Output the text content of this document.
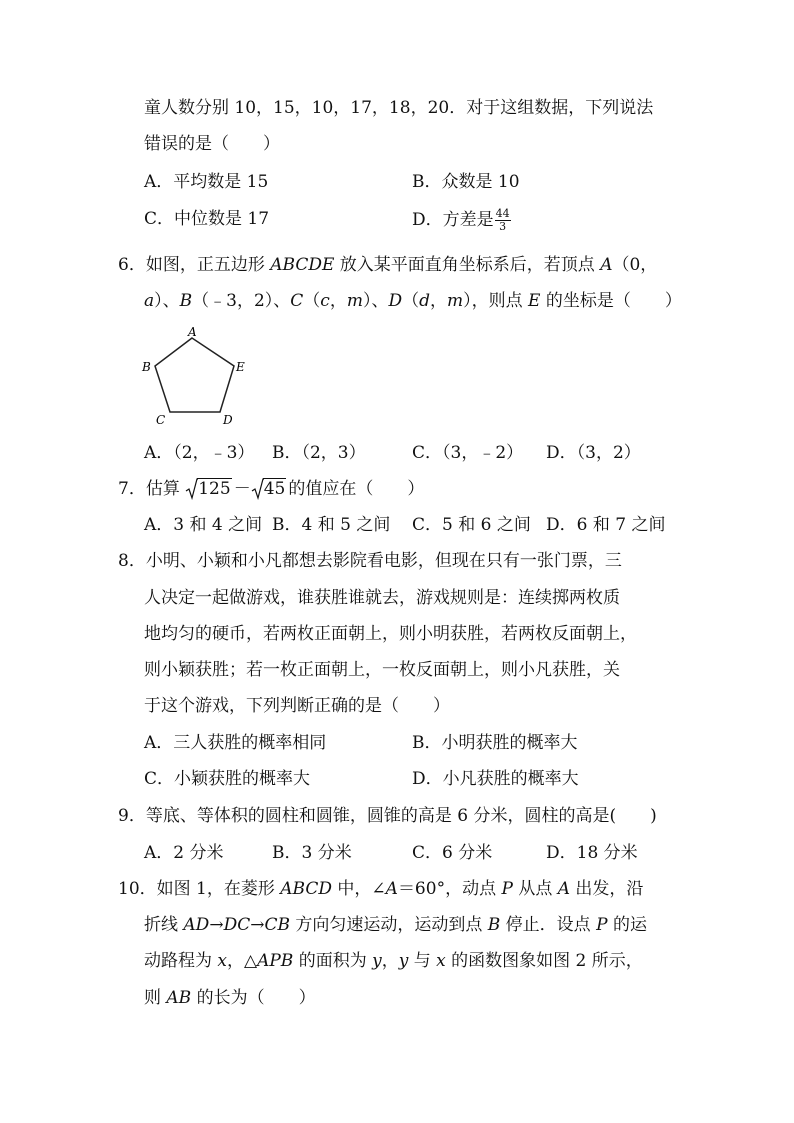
童人数分别 10，15，10，17，18，20．对于这组数据，下列说法
错误的是（　　）
A．平均数是 15	B．众数是 10
C．中位数是 17	D．方差是 $\frac{44}{3}$
6．如图，正五边形 ABCDE 放入某平面直角坐标系后，若顶点 A（0，
a）、B（﹣3，2）、C（c，m）、D（d，m），则点 E 的坐标是（　　）
A
B
C	D
E
A．（2，﹣3） B．（2，3）	C．（3，﹣2） D．（3，2）
7．估算 125 － 45 的值应在（　　）
A．3 和 4 之间 B．4 和 5 之间 C．5 和 6 之间 D．6 和 7 之间
8．小明、小颖和小凡都想去影院看电影，但现在只有一张门票，三
人决定一起做游戏，谁获胜谁就去，游戏规则是：连续掷两枚质
地均匀的硬币，若两枚正面朝上，则小明获胜，若两枚反面朝上，
则小颖获胜；若一枚正面朝上，一枚反面朝上，则小凡获胜，关
于这个游戏，下列判断正确的是（　　）
A．三人获胜的概率相同	B．小明获胜的概率大
C．小颖获胜的概率大	D．小凡获胜的概率大
9．等底、等体积的圆柱和圆锥，圆锥的高是 6 分米，圆柱的高是(　　)
A．2 分米	B．3 分米	C．6 分米	D．18 分米
10．如图 1，在菱形 ABCD 中，∠A＝60°，动点 P 从点 A 出发，沿
折线 AD→DC→CB 方向匀速运动，运动到点 B 停止．设点 P 的运
动路程为 x，△APB 的面积为 y，y 与 x 的函数图象如图 2 所示，
则 AB 的长为（　　）
